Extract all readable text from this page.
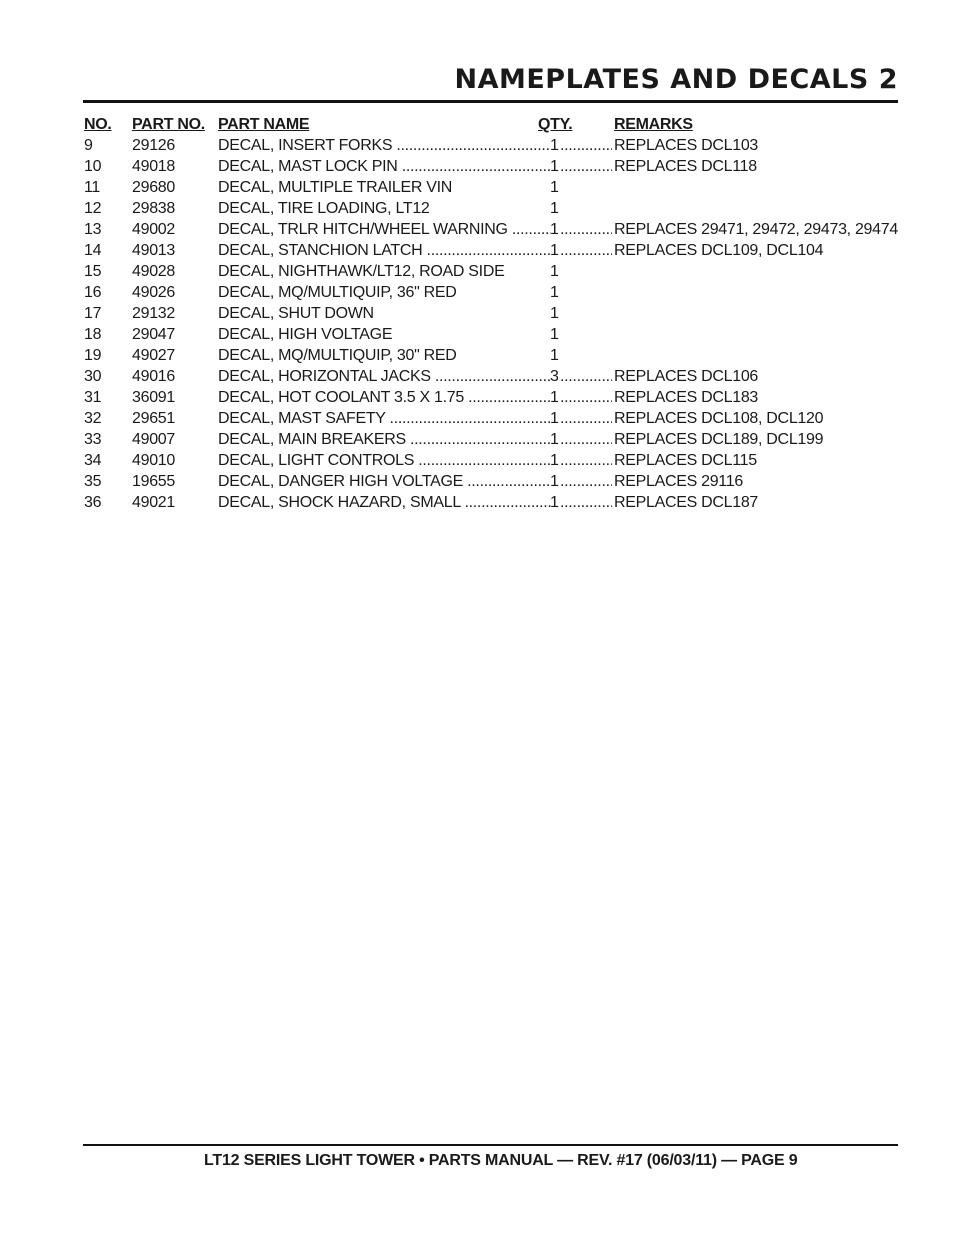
NAMEPLATES AND DECALS 2
NO. PART NO. PART NAME	QTY.	REMARKS
9 29126	DECAL, INSERT FORKS .....	1 .....	REPLACES DCL103
10 49018	DECAL, MAST LOCK PIN .....	1 .....	REPLACES DCL118
11 29680	DECAL, MULTIPLE TRAILER VIN	1
12 29838	DECAL, TIRE LOADING, LT12	1
13 49002	DECAL, TRLR HITCH/WHEEL WARNING .....	1 .....	REPLACES 29471, 29472, 29473, 29474
14 49013	DECAL, STANCHION LATCH .....	1 .....	REPLACES DCL109, DCL104
15 49028	DECAL, NIGHTHAWK/LT12, ROAD SIDE	1
16 49026	DECAL, MQ/MULTIQUIP, 36" RED	1
17 29132	DECAL, SHUT DOWN	1
18 29047	DECAL, HIGH VOLTAGE	1
19 49027	DECAL, MQ/MULTIQUIP, 30" RED	1
30 49016	DECAL, HORIZONTAL JACKS .....	3 .....	REPLACES DCL106
31 36091	DECAL, HOT COOLANT 3.5 X 1.75 .....	1 .....	REPLACES DCL183
32 29651	DECAL, MAST SAFETY .....	1 .....	REPLACES DCL108, DCL120
33 49007	DECAL, MAIN BREAKERS .....	1 .....	REPLACES DCL189, DCL199
34 49010	DECAL, LIGHT CONTROLS .....	1 .....	REPLACES DCL115
35 19655	DECAL, DANGER HIGH VOLTAGE .....	1 .....	REPLACES 29116
36 49021	DECAL, SHOCK HAZARD, SMALL .....	1 .....	REPLACES DCL187
LT12 SERIES LIGHT TOWER • PARTS MANUAL — REV. #17 (06/03/11) — PAGE 9
